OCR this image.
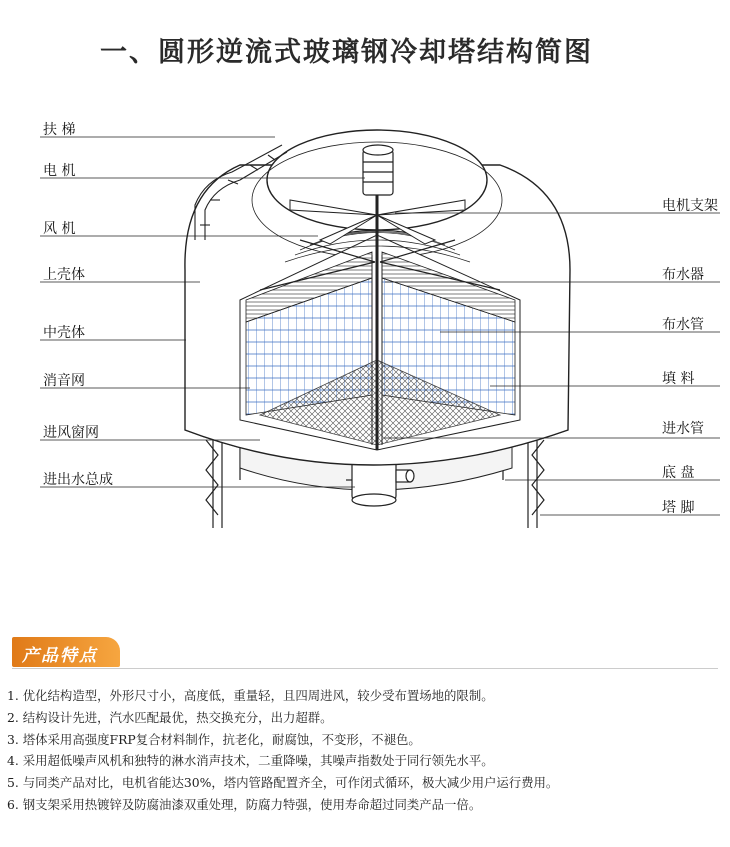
一、圆形逆流式玻璃钢冷却塔结构简图
扶 梯
电 机
风 机
上壳体
中壳体
消音网
进风窗网
进出水总成
电机支架
布水器
布水管
填 料
进水管
底 盘
塔 脚
产品特点
1. 优化结构造型，外形尺寸小，高度低，重量轻，且四周进风，较少受布置场地的限制。
2. 结构设计先进，汽水匹配最优，热交换充分，出力超群。
3. 塔体采用高强度FRP复合材料制作，抗老化，耐腐蚀，不变形，不褪色。
4. 采用超低噪声风机和独特的淋水消声技术，二重降噪，其噪声指数处于同行领先水平。
5. 与同类产品对比，电机省能达30%，塔内管路配置齐全，可作闭式循环，极大减少用户运行费用。
6. 钢支架采用热镀锌及防腐油漆双重处理，防腐力特强，使用寿命超过同类产品一倍。
